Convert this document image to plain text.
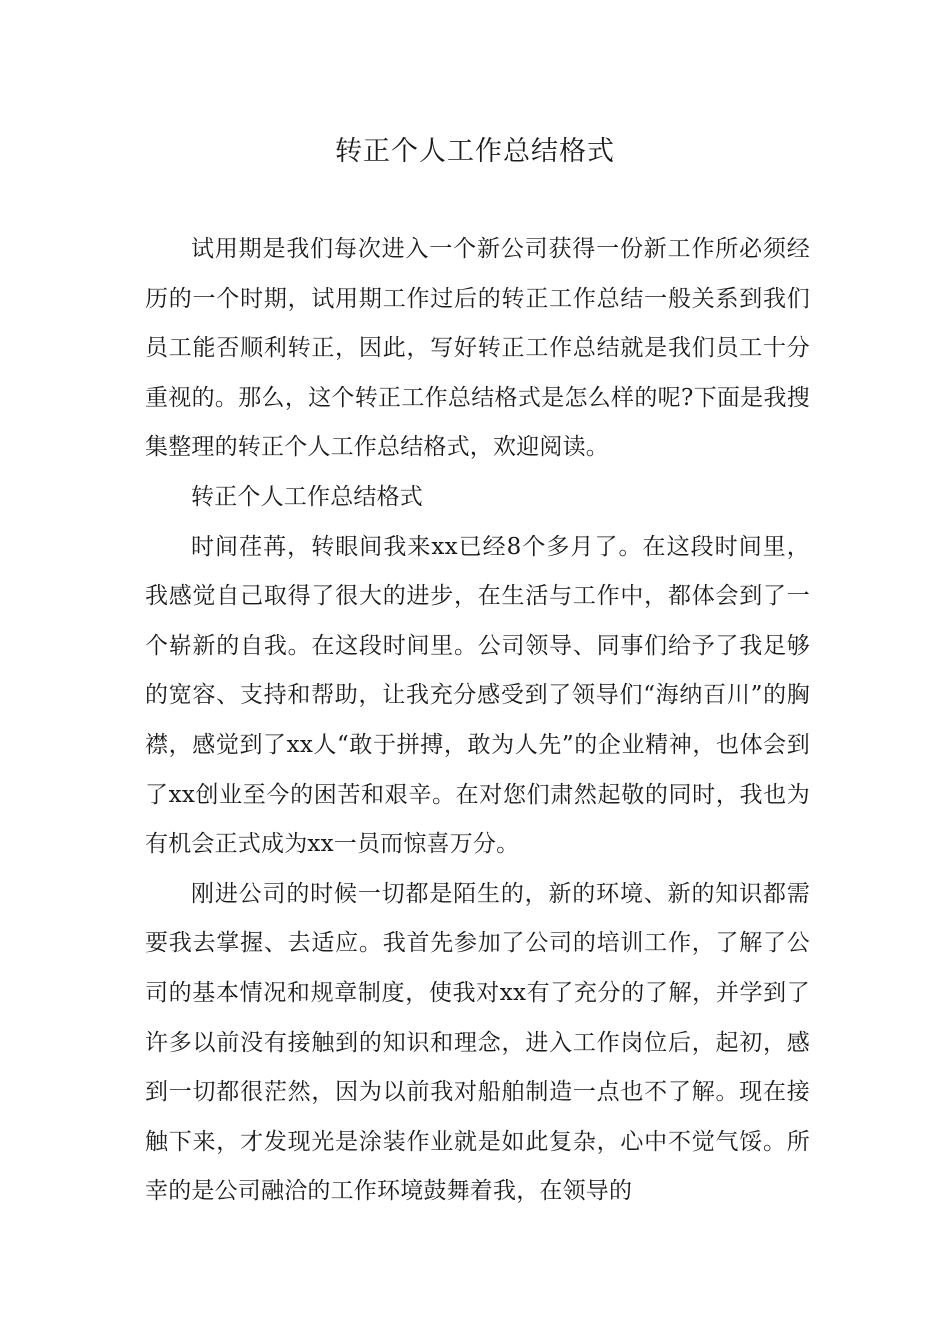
转正个人工作总结格式

试用期是我们每次进入一个新公司获得一份新工作所必须经历的一个时期，试用期工作过后的转正工作总结一般关系到我们员工能否顺利转正，因此，写好转正工作总结就是我们员工十分重视的。那么，这个转正工作总结格式是怎么样的呢?下面是我搜集整理的转正个人工作总结格式，欢迎阅读。

转正个人工作总结格式

时间荏苒，转眼间我来xx已经8个多月了。在这段时间里，我感觉自己取得了很大的进步，在生活与工作中，都体会到了一个崭新的自我。在这段时间里。公司领导、同事们给予了我足够的宽容、支持和帮助，让我充分感受到了领导们“海纳百川”的胸襟，感觉到了xx人“敢于拼搏，敢为人先”的企业精神，也体会到了xx创业至今的困苦和艰辛。在对您们肃然起敬的同时，我也为有机会正式成为xx一员而惊喜万分。

刚进公司的时候一切都是陌生的，新的环境、新的知识都需要我去掌握、去适应。我首先参加了公司的培训工作，了解了公司的基本情况和规章制度，使我对xx有了充分的了解，并学到了许多以前没有接触到的知识和理念，进入工作岗位后，起初，感到一切都很茫然，因为以前我对船舶制造一点也不了解。现在接触下来，才发现光是涂装作业就是如此复杂，心中不觉气馁。所幸的是公司融洽的工作环境鼓舞着我，在领导的
